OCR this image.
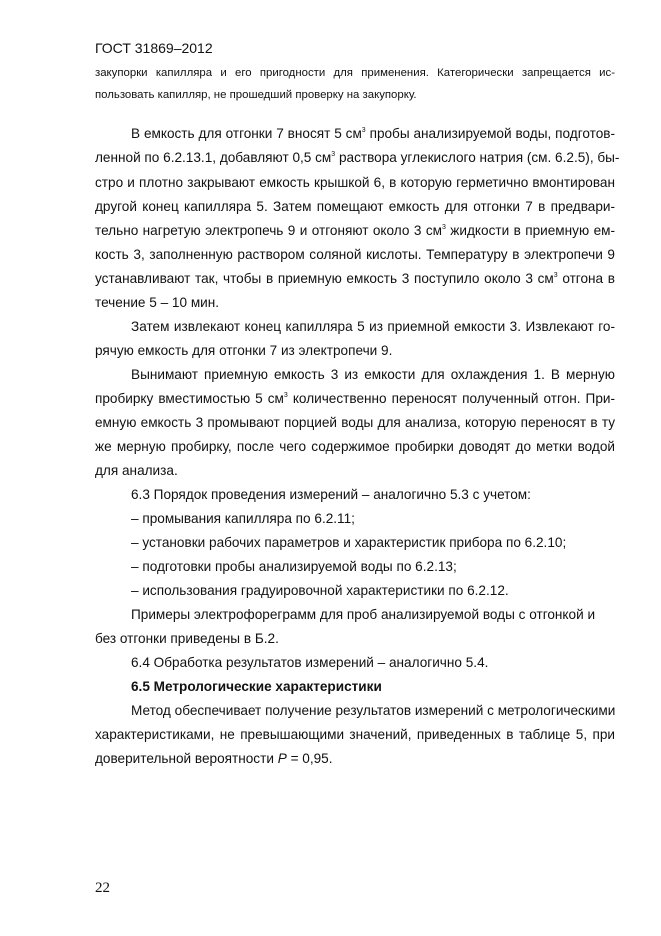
ГОСТ 31869–2012
закупорки капилляра и его пригодности для применения. Категорически запрещается ис-
пользовать капилляр, не прошедший проверку на закупорку.
В емкость для отгонки 7 вносят 5 $см^3$ пробы анализируемой воды, подготов-
ленной по 6.2.13.1, добавляют 0,5 $см^3$ раствора углекислого натрия (см. 6.2.5), бы-
стро и плотно закрывают емкость крышкой 6, в которую герметично вмонтирован
другой конец капилляра 5. Затем помещают емкость для отгонки 7 в предвари-
тельно нагретую электропечь 9 и отгоняют около 3 $см^3$ жидкости в приемную ем-
кость 3, заполненную раствором соляной кислоты. Температуру в электропечи 9
устанавливают так, чтобы в приемную емкость 3 поступило около 3 $см^3$ отгона в
течение 5 – 10 мин.
Затем извлекают конец капилляра 5 из приемной емкости 3. Извлекают го-
рячую емкость для отгонки 7 из электропечи 9.
Вынимают приемную емкость 3 из емкости для охлаждения 1. В мерную
пробирку вместимостью 5 $см^3$ количественно переносят полученный отгон. При-
емную емкость 3 промывают порцией воды для анализа, которую переносят в ту
же мерную пробирку, после чего содержимое пробирки доводят до метки водой
для анализа.
6.3 Порядок проведения измерений – аналогично 5.3 с учетом:
– промывания капилляра по 6.2.11;
– установки рабочих параметров и характеристик прибора по 6.2.10;
– подготовки пробы анализируемой воды по 6.2.13;
– использования градуировочной характеристики по 6.2.12.
Примеры электрофореграмм для проб анализируемой воды с отгонкой и
без отгонки приведены в Б.2.
6.4 Обработка результатов измерений – аналогично 5.4.
6.5 Метрологические характеристики
Метод обеспечивает получение результатов измерений с метрологическими
характеристиками, не превышающими значений, приведенных в таблице 5, при
доверительной вероятности P = 0,95.
22
